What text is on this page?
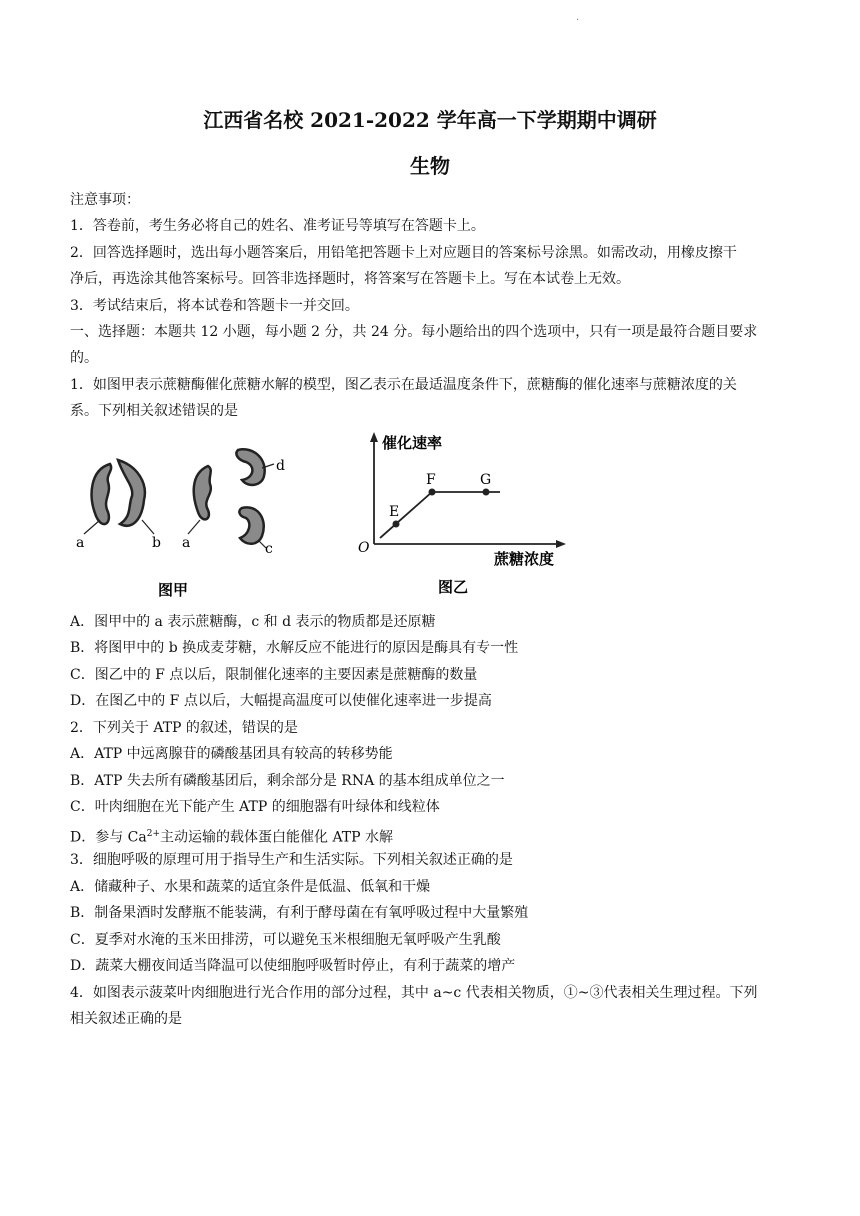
.
江西省名校 2021-2022 学年高一下学期期中调研
生物
注意事项：
1．答卷前，考生务必将自己的姓名、准考证号等填写在答题卡上。
2．回答选择题时，选出每小题答案后，用铅笔把答题卡上对应题目的答案标号涂黑。如需改动，用橡皮擦干
净后，再选涂其他答案标号。回答非选择题时，将答案写在答题卡上。写在本试卷上无效。
3．考试结束后，将本试卷和答题卡一并交回。
一、选择题：本题共 12 小题，每小题 2 分，共 24 分。每小题给出的四个选项中，只有一项是最符合题目要求
的。
1．如图甲表示蔗糖酶催化蔗糖水解的模型，图乙表示在最适温度条件下，蔗糖酶的催化速率与蔗糖浓度的关
系。下列相关叙述错误的是
a	b a	c
d
图甲
催化速率
蔗糖浓度
O
E
F	G
图乙
A．图甲中的 a 表示蔗糖酶，c 和 d 表示的物质都是还原糖
B．将图甲中的 b 换成麦芽糖，水解反应不能进行的原因是酶具有专一性
C．图乙中的 F 点以后，限制催化速率的主要因素是蔗糖酶的数量
D．在图乙中的 F 点以后，大幅提高温度可以使催化速率进一步提高
2．下列关于 ATP 的叙述，错误的是
A．ATP 中远离腺苷的磷酸基团具有较高的转移势能
B．ATP 失去所有磷酸基团后，剩余部分是 RNA 的基本组成单位之一
C．叶肉细胞在光下能产生 ATP 的细胞器有叶绿体和线粒体
D．参与 $Ca^{2+}$主动运输的载体蛋白能催化 ATP 水解
3．细胞呼吸的原理可用于指导生产和生活实际。下列相关叙述正确的是
A．储藏种子、水果和蔬菜的适宜条件是低温、低氧和干燥
B．制备果酒时发酵瓶不能装满，有利于酵母菌在有氧呼吸过程中大量繁殖
C．夏季对水淹的玉米田排涝，可以避免玉米根细胞无氧呼吸产生乳酸
D．蔬菜大棚夜间适当降温可以使细胞呼吸暂时停止，有利于蔬菜的增产
4．如图表示菠菜叶肉细胞进行光合作用的部分过程，其中 a~c 代表相关物质，①~③代表相关生理过程。下列
相关叙述正确的是
